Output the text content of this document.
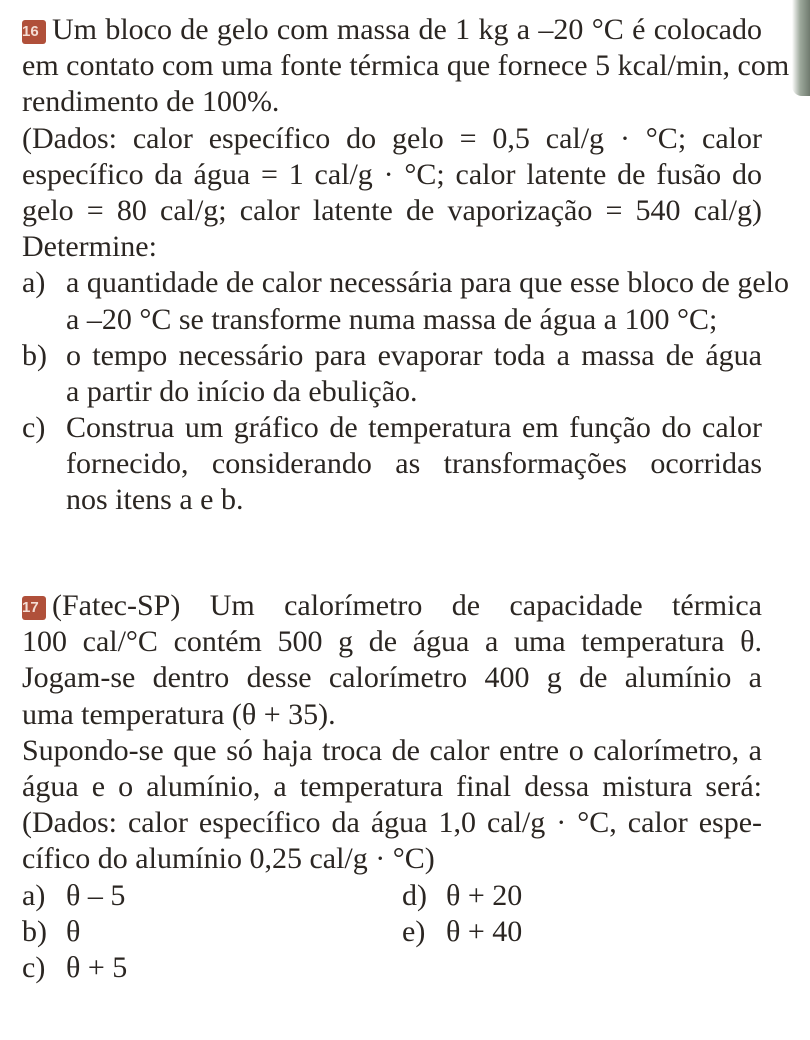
16 Um bloco de gelo com massa de 1 kg a –20 °C é colocado
em contato com uma fonte térmica que fornece 5 kcal/min, com
rendimento de 100%.
(Dados: calor específico do gelo = 0,5 cal/g · °C; calor
específico da água = 1 cal/g · °C; calor latente de fusão do
gelo = 80 cal/g; calor latente de vaporização = 540 cal/g)
Determine:
a) a quantidade de calor necessária para que esse bloco de gelo
a –20 °C se transforme numa massa de água a 100 °C;
b) o tempo necessário para evaporar toda a massa de água
a partir do início da ebulição.
c) Construa um gráfico de temperatura em função do calor
fornecido, considerando as transformações ocorridas
nos itens a e b.
17 (Fatec-SP) Um calorímetro de capacidade térmica
100 cal/°C contém 500 g de água a uma temperatura θ.
Jogam-se dentro desse calorímetro 400 g de alumínio a
uma temperatura (θ + 35).
Supondo-se que só haja troca de calor entre o calorímetro, a
água e o alumínio, a temperatura final dessa mistura será:
(Dados: calor específico da água 1,0 cal/g · °C, calor espe-
cífico do alumínio 0,25 cal/g · °C)
a) θ – 5	d) θ + 20
b) θ	e) θ + 40
c) θ + 5
